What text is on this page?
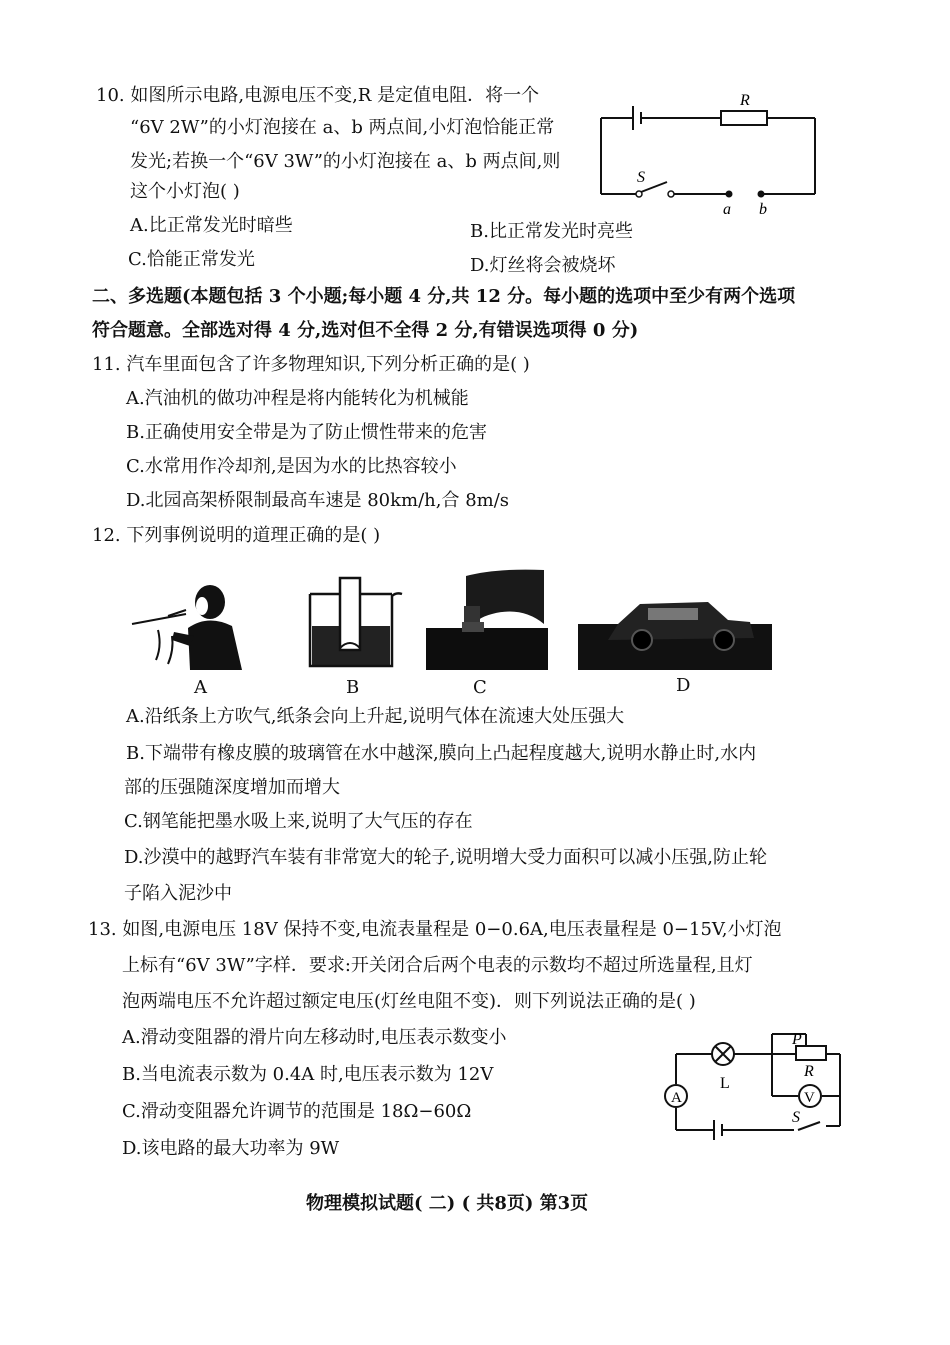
10. 如图所示电路,电源电压不变,R 是定值电阻．将一个
“6V 2W”的小灯泡接在 a、b 两点间,小灯泡恰能正常
发光;若换一个“6V 3W”的小灯泡接在 a、b 两点间,则
这个小灯泡( )
A.比正常发光时暗些	B.比正常发光时亮些
C.恰能正常发光	D.灯丝将会被烧坏
R
S
a b
二、多选题(本题包括 3 个小题;每小题 4 分,共 12 分。每小题的选项中至少有两个选项
符合题意。全部选对得 4 分,选对但不全得 2 分,有错误选项得 0 分)
11. 汽车里面包含了许多物理知识,下列分析正确的是( )
A.汽油机的做功冲程是将内能转化为机械能
B.正确使用安全带是为了防止惯性带来的危害
C.水常用作冷却剂,是因为水的比热容较小
D.北园高架桥限制最高车速是 80km/h,合 8m/s
12. 下列事例说明的道理正确的是( )
A	B	C	D
A.沿纸条上方吹气,纸条会向上升起,说明气体在流速大处压强大
B.下端带有橡皮膜的玻璃管在水中越深,膜向上凸起程度越大,说明水静止时,水内
部的压强随深度增加而增大
C.钢笔能把墨水吸上来,说明了大气压的存在
D.沙漠中的越野汽车装有非常宽大的轮子,说明增大受力面积可以减小压强,防止轮
子陷入泥沙中
13. 如图,电源电压 18V 保持不变,电流表量程是 0−0.6A,电压表量程是 0−15V,小灯泡
上标有“6V 3W”字样．要求:开关闭合后两个电表的示数均不超过所选量程,且灯
泡两端电压不允许超过额定电压(灯丝电阻不变)．则下列说法正确的是( )
A.滑动变阻器的滑片向左移动时,电压表示数变小
B.当电流表示数为 0.4A 时,电压表示数为 12V
C.滑动变阻器允许调节的范围是 18Ω−60Ω
D.该电路的最大功率为 9W
A	V
P
R
L
S
物理模拟试题( 二) ( 共8页) 第3页
